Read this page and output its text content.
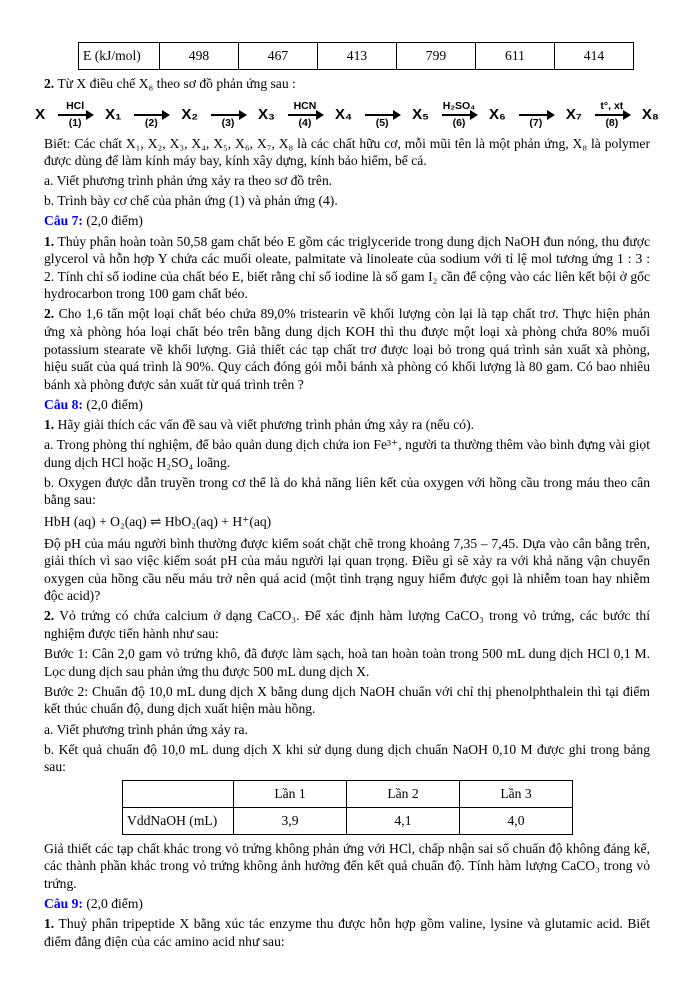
E (kJ/mol)	498	467	413	799	611	414

2. Từ X điều chế X₈ theo sơ đồ phản ứng sau :

X
HCl
(1) X₁ (2) X₂ (3) X₃
HCN
(4) X₄ (5) X₅
H₂SO₄
(6) X₆ (7) X₇
t°, xt
(8) X₈

Biết: Các chất X₁, X₂, X₃, X₄, X₅, X₆, X₇, X₈ là các chất hữu cơ, mỗi mũi tên là một phản ứng, X₈ là polymer được dùng để làm kính máy bay, kính xây dựng, kính bảo hiểm, bể cá.

a. Viết phương trình phản ứng xảy ra theo sơ đồ trên.

b. Trình bày cơ chế của phản ứng (1) và phản ứng (4).

Câu 7: (2,0 điểm)

1. Thủy phân hoàn toàn 50,58 gam chất béo E gồm các triglyceride trong dung dịch NaOH đun nóng, thu được glycerol và hỗn hợp Y chứa các muối oleate, palmitate và linoleate của sodium với tỉ lệ mol tương ứng 1 : 3 : 2. Tính chỉ số iodine của chất béo E, biết rằng chỉ số iodine là số gam I₂ cần để cộng vào các liên kết bội ở gốc hydrocarbon trong 100 gam chất béo.

2. Cho 1,6 tấn một loại chất béo chứa 89,0% tristearin về khối lượng còn lại là tạp chất trơ. Thực hiện phản ứng xà phòng hóa loại chất béo trên bằng dung dịch KOH thì thu được một loại xà phòng chứa 80% muối potassium stearate về khối lượng. Giả thiết các tạp chất trơ được loại bỏ trong quá trình sản xuất xà phòng, hiệu suất của quá trình là 90%. Quy cách đóng gói mỗi bánh xà phòng có khối lượng là 80 gam. Có bao nhiêu bánh xà phòng được sản xuất từ quá trình trên ?

Câu 8: (2,0 điểm)

1. Hãy giải thích các vấn đề sau và viết phương trình phản ứng xảy ra (nếu có).

a. Trong phòng thí nghiệm, để bảo quản dung dịch chứa ion Fe³⁺, người ta thường thêm vào bình đựng vài giọt dung dịch HCl hoặc H₂SO₄ loãng.

b. Oxygen được dẫn truyền trong cơ thể là do khả năng liên kết của oxygen với hồng cầu trong máu theo cân bằng sau:

HbH (aq) + O₂(aq) ⇌ HbO₂(aq) + H⁺(aq)

Độ pH của máu người bình thường được kiểm soát chặt chẽ trong khoảng 7,35 – 7,45. Dựa vào cân bằng trên, giải thích vì sao việc kiểm soát pH của máu người lại quan trọng. Điều gì sẽ xảy ra với khả năng vận chuyển oxygen của hồng cầu nếu máu trở nên quá acid (một tình trạng nguy hiểm được gọi là nhiễm toan hay nhiễm độc acid)?

2. Vỏ trứng có chứa calcium ở dạng CaCO₃. Để xác định hàm lượng CaCO₃ trong vỏ trứng, các bước thí nghiệm được tiến hành như sau:

Bước 1: Cân 2,0 gam vỏ trứng khô, đã được làm sạch, hoà tan hoàn toàn trong 500 mL dung dịch HCl 0,1 M. Lọc dung dịch sau phản ứng thu được 500 mL dung dịch X.

Bước 2: Chuẩn độ 10,0 mL dung dịch X bằng dung dịch NaOH chuẩn với chỉ thị phenolphthalein thì tại điểm kết thúc chuẩn độ, dung dịch xuất hiện màu hồng.

a. Viết phương trình phản ứng xảy ra.

b. Kết quả chuẩn độ 10,0 mL dung dịch X khi sử dụng dung dịch chuẩn NaOH 0,10 M được ghi trong bảng sau:

	Lần 1	Lần 2	Lần 3
VddNaOH (mL)	3,9	4,1	4,0

Giả thiết các tạp chất khác trong vỏ trứng không phản ứng với HCl, chấp nhận sai số chuẩn độ không đáng kể, các thành phần khác trong vỏ trứng không ảnh hưởng đến kết quả chuẩn độ. Tính hàm lượng CaCO₃ trong vỏ trứng.

Câu 9: (2,0 điểm)

1. Thuỷ phân tripeptide X bằng xúc tác enzyme thu được hỗn hợp gồm valine, lysine và glutamic acid. Biết điểm đẳng điện của các amino acid như sau:
